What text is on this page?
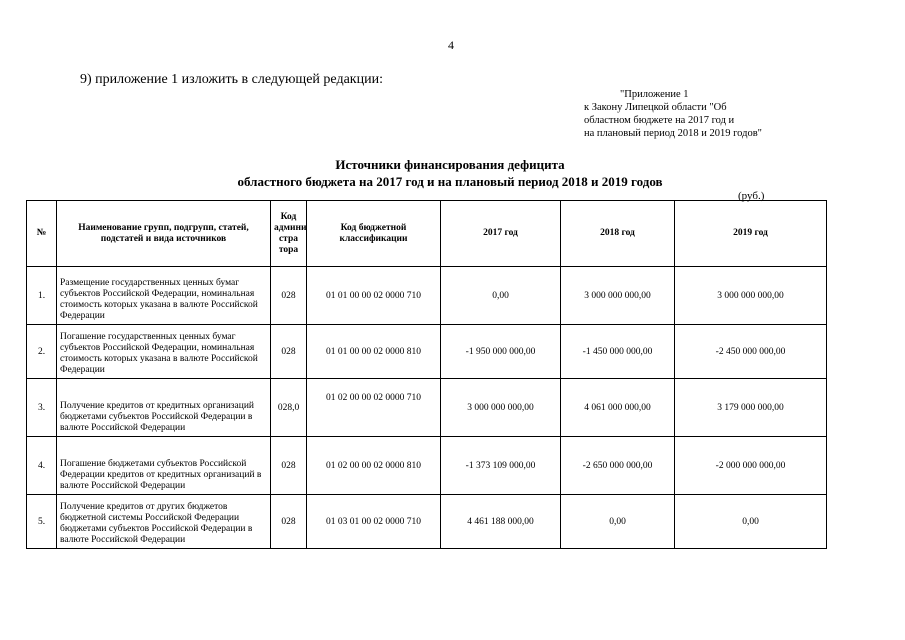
4
9) приложение 1 изложить в следующей редакции:
"Приложение 1
к Закону Липецкой области "Об
областном бюджете на 2017 год и
на плановый период 2018 и 2019 годов"
Источники финансирования дефицита
областного бюджета на 2017 год и на плановый период 2018 и 2019 годов
(руб.)
№	Наименование групп, подгрупп, статей, подстатей и вида источников	Код админи стра тора	Код бюджетной классификации	2017 год	2018 год	2019 год
1.	Размещение государственных ценных бумаг субъектов Российской Федерации, номинальная стоимость которых указана в валюте Российской Федерации	028	01 01 00 00 02 0000 710	0,00	3 000 000 000,00	3 000 000 000,00
2.	Погашение государственных ценных бумаг субъектов Российской Федерации, номинальная стоимость которых указана в валюте Российской Федерации	028	01 01 00 00 02 0000 810	-1 950 000 000,00	-1 450 000 000,00	-2 450 000 000,00
3.	Получение кредитов от кредитных организаций бюджетами субъектов Российской Федерации в валюте Российской Федерации	028,0	01 02 00 00 02 0000 710	3 000 000 000,00	4 061 000 000,00	3 179 000 000,00
4.	Погашение бюджетами субъектов Российской Федерации кредитов от кредитных организаций в валюте Российской Федерации	028	01 02 00 00 02 0000 810	-1 373 109 000,00	-2 650 000 000,00	-2 000 000 000,00
5.	Получение кредитов от других бюджетов бюджетной системы Российской Федерации бюджетами субъектов Российской Федерации в валюте Российской Федерации	028	01 03 01 00 02 0000 710	4 461 188 000,00	0,00	0,00
